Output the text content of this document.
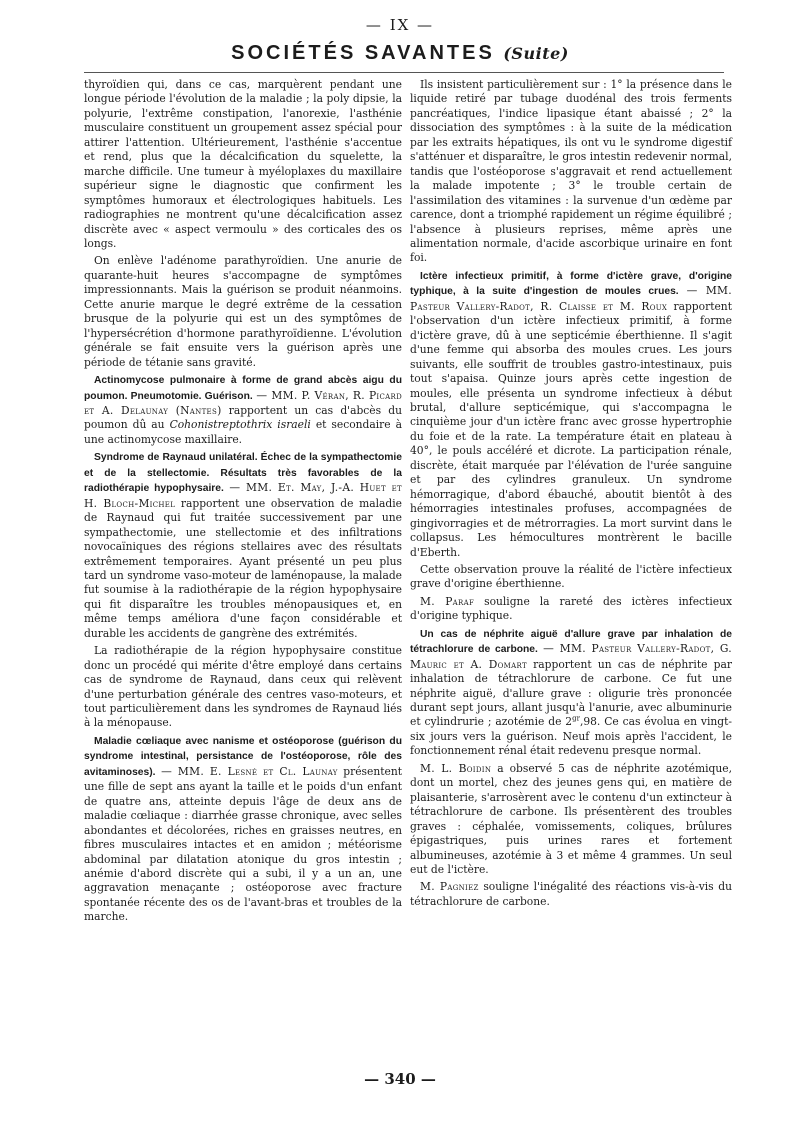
— IX —
SOCIÉTÉS SAVANTES (Suite)

thyroïdien qui, dans ce cas, marquèrent pendant une longue période l'évolution de la maladie ; la poly dipsie, la polyurie, l'extrême constipation, l'anorexie, l'asthénie musculaire constituent un groupement assez spécial pour attirer l'attention. Ultérieurement, l'asthénie s'accentue et rend, plus que la décalcification du squelette, la marche difficile. Une tumeur à myéloplaxes du maxillaire supérieur signe le diagnostic que confirment les symptômes humoraux et électrologiques habituels. Les radiographies ne montrent qu'une décalcification assez discrète avec « aspect vermoulu » des corticales des os longs.

On enlève l'adénome parathyroïdien. Une anurie de quarante-huit heures s'accompagne de symptômes impressionnants. Mais la guérison se produit néanmoins. Cette anurie marque le degré extrême de la cessation brusque de la polyurie qui est un des symptômes de l'hypersécrétion d'hormone parathyroïdienne. L'évolution générale se fait ensuite vers la guérison après une période de tétanie sans gravité.

Actinomycose pulmonaire à forme de grand abcès aigu du poumon. Pneumotomie. Guérison. — MM. P. Véran, R. Picard et A. Delaunay (Nantes) rapportent un cas d'abcès du poumon dû au Cohonistreptothrix israeli et secondaire à une actinomycose maxillaire.

Syndrome de Raynaud unilatéral. Échec de la sympathectomie et de la stellectomie. Résultats très favorables de la radiothérapie hypophysaire. — MM. Et. May, J.-A. Huet et H. Bloch-Michel rapportent une observation de maladie de Raynaud qui fut traitée successivement par une sympathectomie, une stellectomie et des infiltrations novocaïniques des régions stellaires avec des résultats extrêmement temporaires. Ayant présenté un peu plus tard un syndrome vaso-moteur de laménopause, la malade fut soumise à la radiothérapie de la région hypophysaire qui fit disparaître les troubles ménopausiques et, en même temps améliora d'une façon considérable et durable les accidents de gangrène des extrémités.

La radiothérapie de la région hypophysaire constitue donc un procédé qui mérite d'être employé dans certains cas de syndrome de Raynaud, dans ceux qui relèvent d'une perturbation générale des centres vaso-moteurs, et tout particulièrement dans les syndromes de Raynaud liés à la ménopause.

Maladie cœliaque avec nanisme et ostéoporose (guérison du syndrome intestinal, persistance de l'ostéoporose, rôle des avitaminoses). — MM. E. Lesné et Cl. Launay présentent une fille de sept ans ayant la taille et le poids d'un enfant de quatre ans, atteinte depuis l'âge de deux ans de maladie cœliaque : diarrhée grasse chronique, avec selles abondantes et décolorées, riches en graisses neutres, en fibres musculaires intactes et en amidon ; météorisme abdominal par dilatation atonique du gros intestin ; anémie d'abord discrète qui a subi, il y a un an, une aggravation menaçante ; ostéoporose avec fracture spontanée récente des os de l'avant-bras et troubles de la marche.

Ils insistent particulièrement sur : 1° la présence dans le liquide retiré par tubage duodénal des trois ferments pancréatiques, l'indice lipasique étant abaissé ; 2° la dissociation des symptômes : à la suite de la médication par les extraits hépatiques, ils ont vu le syndrome digestif s'atténuer et disparaître, le gros intestin redevenir normal, tandis que l'ostéoporose s'aggravait et rend actuellement la malade impotente ; 3° le trouble certain de l'assimilation des vitamines : la survenue d'un œdème par carence, dont a triomphé rapidement un régime équilibré ; l'absence à plusieurs reprises, même après une alimentation normale, d'acide ascorbique urinaire en font foi.

Ictère infectieux primitif, à forme d'ictère grave, d'origine typhique, à la suite d'ingestion de moules crues. — MM. Pasteur Vallery-Radot, R. Claisse et M. Roux rapportent l'observation d'un ictère infectieux primitif, à forme d'ictère grave, dû à une septicémie éberthienne. Il s'agit d'une femme qui absorba des moules crues. Les jours suivants, elle souffrit de troubles gastro-intestinaux, puis tout s'apaisa. Quinze jours après cette ingestion de moules, elle présenta un syndrome infectieux à début brutal, d'allure septicémique, qui s'accompagna le cinquième jour d'un ictère franc avec grosse hypertrophie du foie et de la rate. La température était en plateau à 40°, le pouls accéléré et dicrote. La participation rénale, discrète, était marquée par l'élévation de l'urée sanguine et par des cylindres granuleux. Un syndrome hémorragique, d'abord ébauché, aboutit bientôt à des hémorragies intestinales profuses, accompagnées de gingivorragies et de métrorragies. La mort survint dans le collapsus. Les hémocultures montrèrent le bacille d'Eberth.

Cette observation prouve la réalité de l'ictère infectieux grave d'origine éberthienne.

M. Paraf souligne la rareté des ictères infectieux d'origine typhique.

Un cas de néphrite aiguë d'allure grave par inhalation de tétrachlorure de carbone. — MM. Pasteur Vallery-Radot, G. Mauric et A. Domart rapportent un cas de néphrite par inhalation de tétrachlorure de carbone. Ce fut une néphrite aiguë, d'allure grave : oligurie très prononcée durant sept jours, allant jusqu'à l'anurie, avec albuminurie et cylindrurie ; azotémie de $2^{gr},98$. Ce cas évolua en vingt-six jours vers la guérison. Neuf mois après l'accident, le fonctionnement rénal était redevenu presque normal.

M. L. Boidin a observé 5 cas de néphrite azotémique, dont un mortel, chez des jeunes gens qui, en matière de plaisanterie, s'arrosèrent avec le contenu d'un extincteur à tétrachlorure de carbone. Ils présentèrent des troubles graves : céphalée, vomissements, coliques, brûlures épigastriques, puis urines rares et fortement albumineuses, azotémie à 3 et même 4 grammes. Un seul eut de l'ictère.

M. Pagniez souligne l'inégalité des réactions vis-à-vis du tétrachlorure de carbone.

— 340 —
